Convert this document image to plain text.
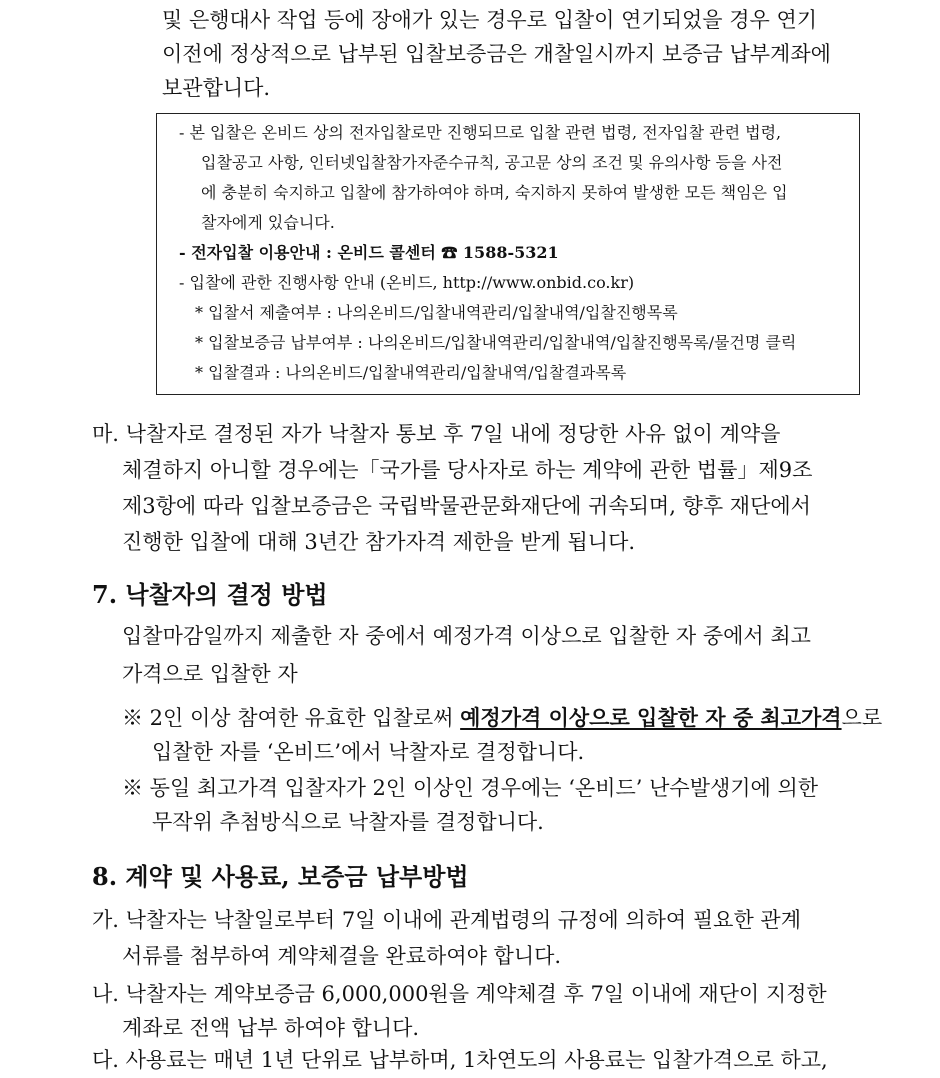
및 은행대사 작업 등에 장애가 있는 경우로 입찰이 연기되었을 경우 연기
이전에 정상적으로 납부된 입찰보증금은 개찰일시까지 보증금 납부계좌에
보관합니다.
- 본 입찰은 온비드 상의 전자입찰로만 진행되므로 입찰 관련 법령, 전자입찰 관련 법령,
입찰공고 사항, 인터넷입찰참가자준수규칙, 공고문 상의 조건 및 유의사항 등을 사전
에 충분히 숙지하고 입찰에 참가하여야 하며, 숙지하지 못하여 발생한 모든 책임은 입
찰자에게 있습니다.
- 전자입찰 이용안내 : 온비드 콜센터 ☎ 1588-5321
- 입찰에 관한 진행사항 안내 (온비드, http://www.onbid.co.kr)
* 입찰서 제출여부 : 나의온비드/입찰내역관리/입찰내역/입찰진행목록
* 입찰보증금 납부여부 : 나의온비드/입찰내역관리/입찰내역/입찰진행목록/물건명 클릭
* 입찰결과 : 나의온비드/입찰내역관리/입찰내역/입찰결과목록
마. 낙찰자로 결정된 자가 낙찰자 통보 후 7일 내에 정당한 사유 없이 계약을
체결하지 아니할 경우에는「국가를 당사자로 하는 계약에 관한 법률」제9조
제3항에 따라 입찰보증금은 국립박물관문화재단에 귀속되며, 향후 재단에서
진행한 입찰에 대해 3년간 참가자격 제한을 받게 됩니다.
7. 낙찰자의 결정 방법
입찰마감일까지 제출한 자 중에서 예정가격 이상으로 입찰한 자 중에서 최고
가격으로 입찰한 자
※ 2인 이상 참여한 유효한 입찰로써 예정가격 이상으로 입찰한 자 중 최고가격으로
입찰한 자를 ‘온비드’에서 낙찰자로 결정합니다.
※ 동일 최고가격 입찰자가 2인 이상인 경우에는 ‘온비드’ 난수발생기에 의한
무작위 추첨방식으로 낙찰자를 결정합니다.
8. 계약 및 사용료, 보증금 납부방법
가. 낙찰자는 낙찰일로부터 7일 이내에 관계법령의 규정에 의하여 필요한 관계
서류를 첨부하여 계약체결을 완료하여야 합니다.
나. 낙찰자는 계약보증금 6,000,000원을 계약체결 후 7일 이내에 재단이 지정한
계좌로 전액 납부 하여야 합니다.
다. 사용료는 매년 1년 단위로 납부하며, 1차연도의 사용료는 입찰가격으로 하고,
